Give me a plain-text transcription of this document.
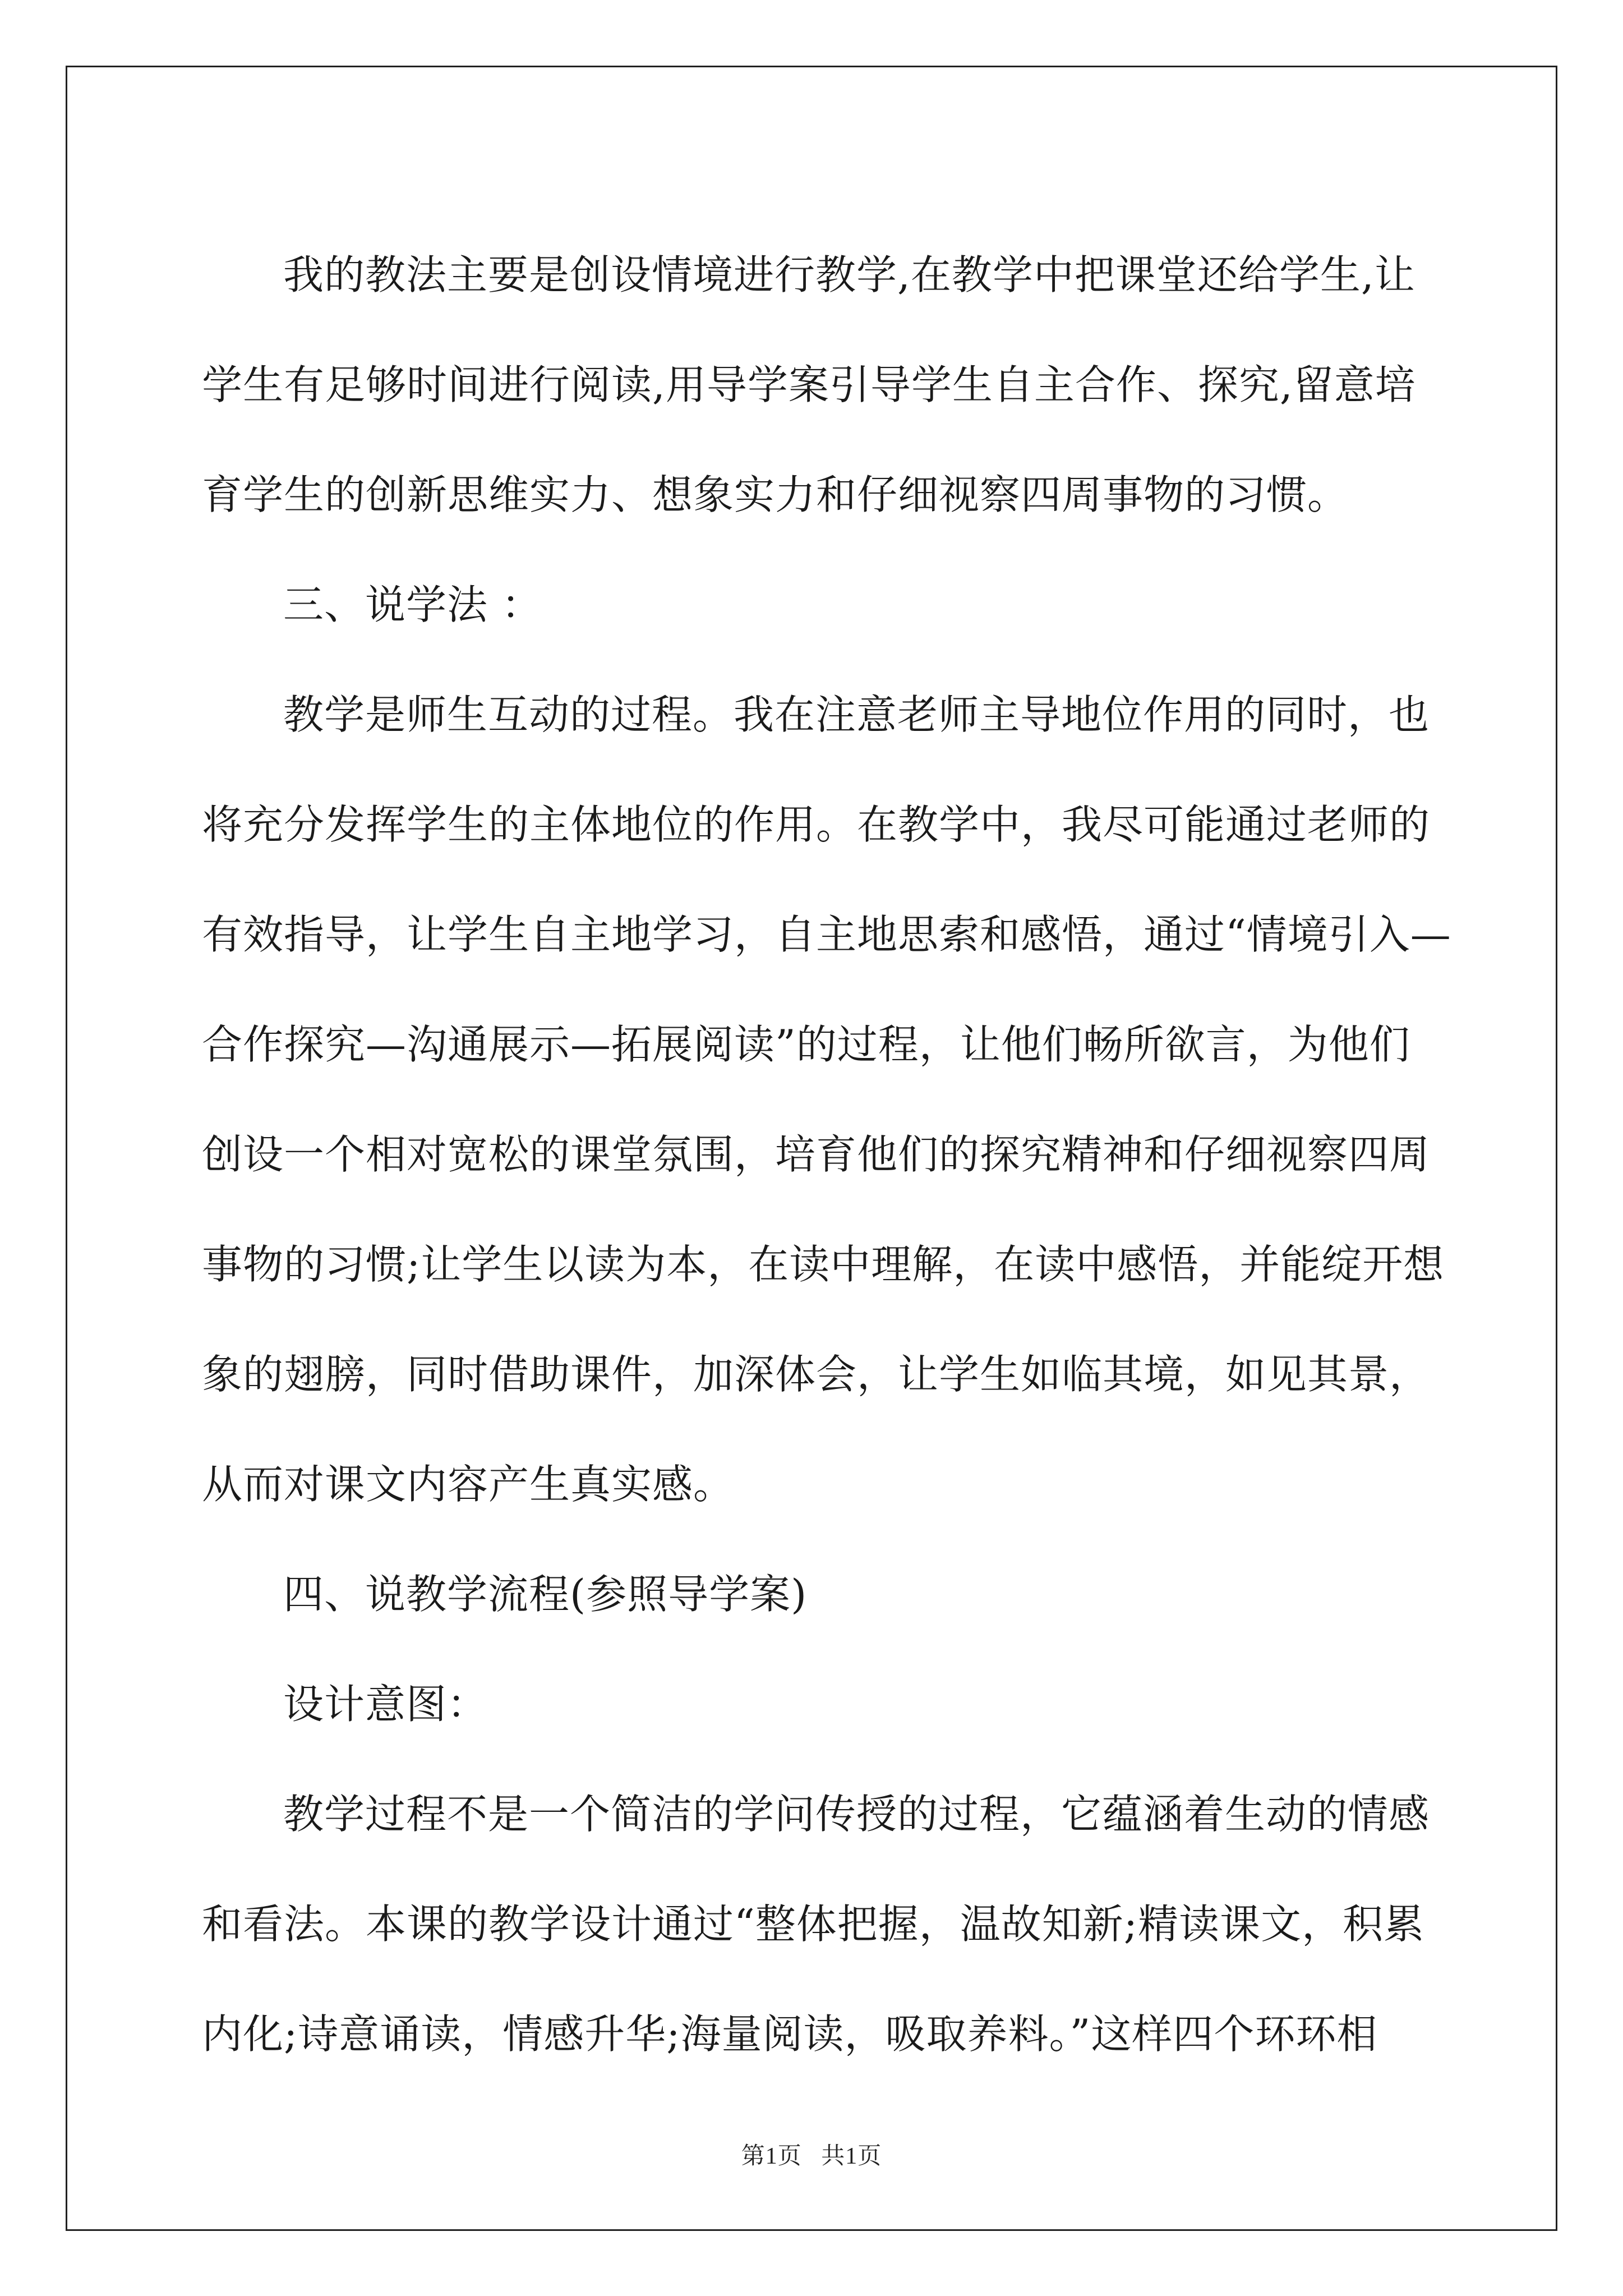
我的教法主要是创设情境进行教学,在教学中把课堂还给学生,让
学生有足够时间进行阅读,用导学案引导学生自主合作、探究,留意培
育学生的创新思维实力、想象实力和仔细视察四周事物的习惯。

三、说学法 ：

教学是师生互动的过程。我在注意老师主导地位作用的同时，也
将充分发挥学生的主体地位的作用。在教学中，我尽可能通过老师的
有效指导，让学生自主地学习，自主地思索和感悟，通过“情境引入—
合作探究—沟通展示—拓展阅读”的过程，让他们畅所欲言，为他们
创设一个相对宽松的课堂氛围，培育他们的探究精神和仔细视察四周
事物的习惯;让学生以读为本，在读中理解，在读中感悟，并能绽开想
象的翅膀，同时借助课件，加深体会，让学生如临其境，如见其景，
从而对课文内容产生真实感。

四、说教学流程(参照导学案)

设计意图：

教学过程不是一个简洁的学问传授的过程，它蕴涵着生动的情感
和看法。本课的教学设计通过“整体把握，温故知新;精读课文，积累
内化;诗意诵读，情感升华;海量阅读，吸取养料。”这样四个环环相

第1页 共1页
